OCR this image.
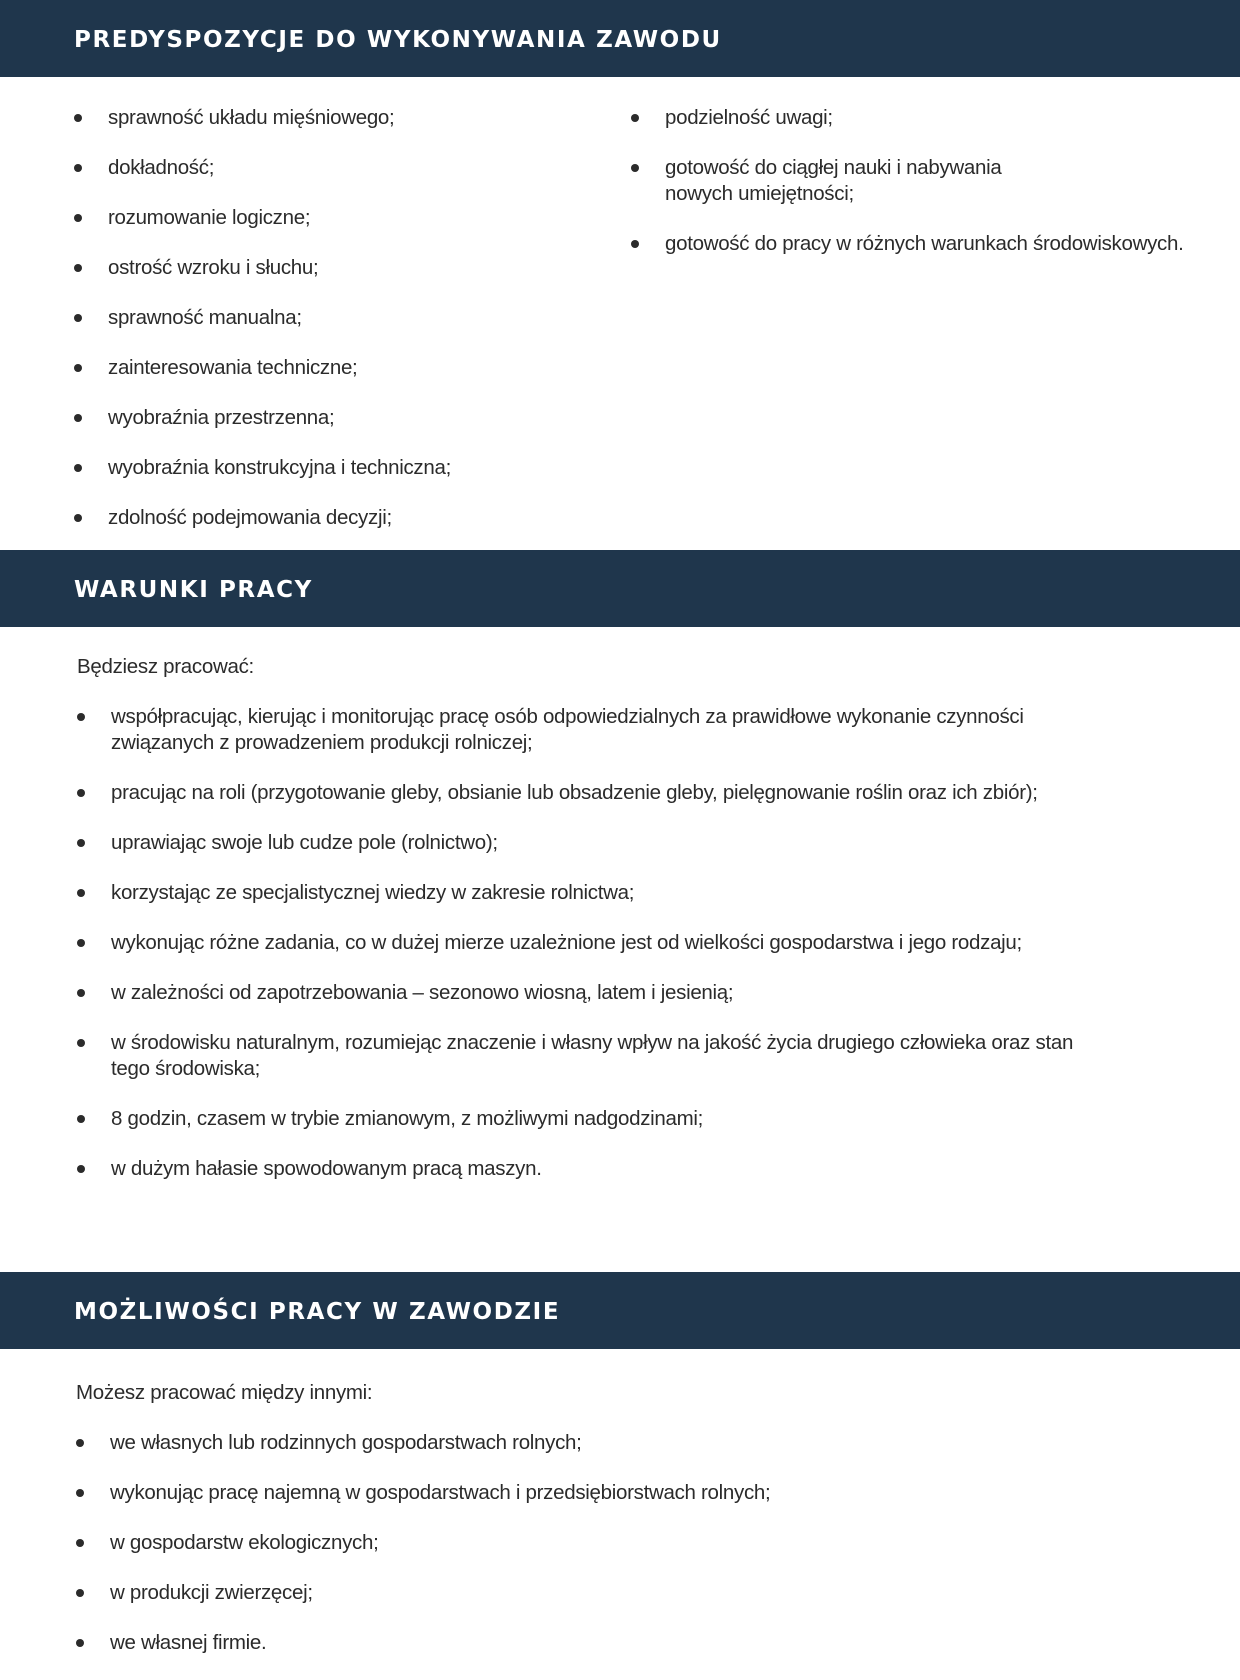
PREDYSPOZYCJE DO WYKONYWANIA ZAWODU
sprawność układu mięśniowego;
dokładność;
rozumowanie logiczne;
ostrość wzroku i słuchu;
sprawność manualna;
zainteresowania techniczne;
wyobraźnia przestrzenna;
wyobraźnia konstrukcyjna i techniczna;
zdolność podejmowania decyzji;
podzielność uwagi;
gotowość do ciągłej nauki i nabywania nowych umiejętności;
gotowość do pracy w różnych warunkach środowiskowych.
WARUNKI PRACY

Będziesz pracować:

współpracując, kierując i monitorując pracę osób odpowiedzialnych za prawidłowe wykonanie czynności związanych z prowadzeniem produkcji rolniczej;
pracując na roli (przygotowanie gleby, obsianie lub obsadzenie gleby, pielęgnowanie roślin oraz ich zbiór);
uprawiając swoje lub cudze pole (rolnictwo);
korzystając ze specjalistycznej wiedzy w zakresie rolnictwa;
wykonując różne zadania, co w dużej mierze uzależnione jest od wielkości gospodarstwa i jego rodzaju;
w zależności od zapotrzebowania – sezonowo wiosną, latem i jesienią;
w środowisku naturalnym, rozumiejąc znaczenie i własny wpływ na jakość życia drugiego człowieka oraz stan tego środowiska;
8 godzin, czasem w trybie zmianowym, z możliwymi nadgodzinami;
w dużym hałasie spowodowanym pracą maszyn.
MOŻLIWOŚCI PRACY W ZAWODZIE

Możesz pracować między innymi:

we własnych lub rodzinnych gospodarstwach rolnych;
wykonując pracę najemną w gospodarstwach i przedsiębiorstwach rolnych;
w gospodarstw ekologicznych;
w produkcji zwierzęcej;
we własnej firmie.
